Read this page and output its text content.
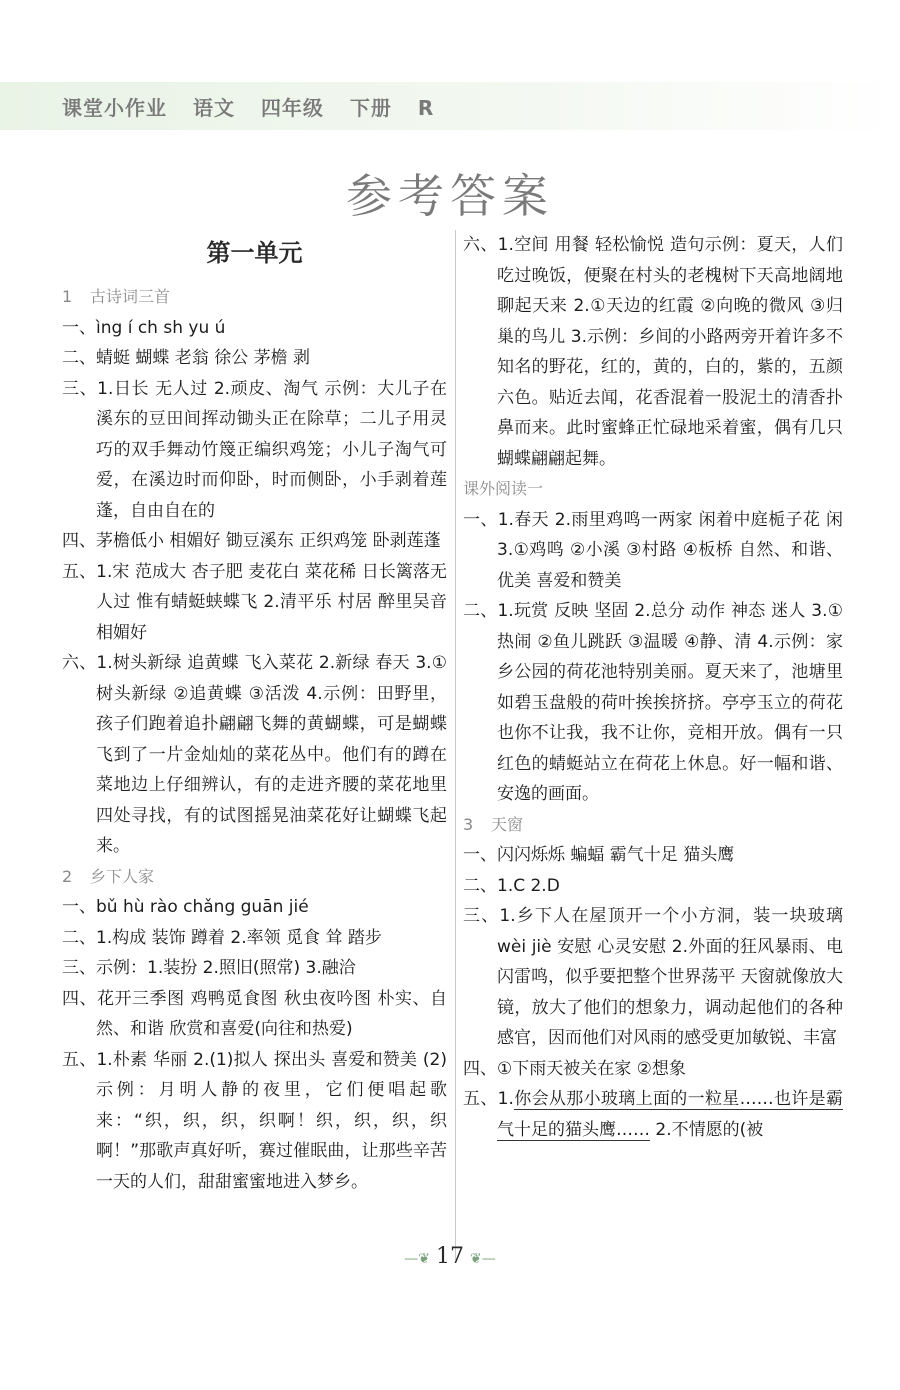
课堂小作业 语文 四年级 下册 R
参考答案
第一单元
1 古诗词三首

一、ìng í ch sh yu ú

二、蜻蜓 蝴蝶 老翁 徐公 茅檐 剥

三、1.日长 无人过 2.顽皮、淘气 示例：大儿子在溪东的豆田间挥动锄头正在除草；二儿子用灵巧的双手舞动竹篾正编织鸡笼；小儿子淘气可爱，在溪边时而仰卧，时而侧卧，小手剥着莲蓬，自由自在的

四、茅檐低小 相媚好 锄豆溪东 正织鸡笼 卧剥莲蓬

五、1.宋 范成大 杏子肥 麦花白 菜花稀 日长篱落无人过 惟有蜻蜓蛱蝶飞 2.清平乐 村居 醉里吴音相媚好

六、1.树头新绿 追黄蝶 飞入菜花 2.新绿 春天 3.①树头新绿 ②追黄蝶 ③活泼 4.示例：田野里，孩子们跑着追扑翩翩飞舞的黄蝴蝶，可是蝴蝶飞到了一片金灿灿的菜花丛中。他们有的蹲在菜地边上仔细辨认，有的走进齐腰的菜花地里四处寻找，有的试图摇晃油菜花好让蝴蝶飞起来。

2 乡下人家

一、bǔ hù rào chǎng guān jié

二、1.构成 装饰 蹲着 2.率领 觅食 耸 踏步

三、示例：1.装扮 2.照旧(照常) 3.融洽

四、花开三季图 鸡鸭觅食图 秋虫夜吟图 朴实、自然、和谐 欣赏和喜爱(向往和热爱)

五、1.朴素 华丽 2.(1)拟人 探出头 喜爱和赞美 (2)示例：月明人静的夜里，它们便唱起歌来：“织，织，织，织啊！织，织，织，织啊！”那歌声真好听，赛过催眠曲，让那些辛苦一天的人们，甜甜蜜蜜地进入梦乡。

六、1.空间 用餐 轻松愉悦 造句示例：夏天，人们吃过晚饭，便聚在村头的老槐树下天高地阔地聊起天来 2.①天边的红霞 ②向晚的微风 ③归巢的鸟儿 3.示例：乡间的小路两旁开着许多不知名的野花，红的，黄的，白的，紫的，五颜六色。贴近去闻，花香混着一股泥土的清香扑鼻而来。此时蜜蜂正忙碌地采着蜜，偶有几只蝴蝶翩翩起舞。

课外阅读一

一、1.春天 2.雨里鸡鸣一两家 闲着中庭栀子花 闲 3.①鸡鸣 ②小溪 ③村路 ④板桥 自然、和谐、优美 喜爱和赞美

二、1.玩赏 反映 坚固 2.总分 动作 神态 迷人 3.①热闹 ②鱼儿跳跃 ③温暖 ④静、清 4.示例：家乡公园的荷花池特别美丽。夏天来了，池塘里如碧玉盘般的荷叶挨挨挤挤。亭亭玉立的荷花也你不让我，我不让你，竞相开放。偶有一只红色的蜻蜓站立在荷花上休息。好一幅和谐、安逸的画面。

3 天窗

一、闪闪烁烁 蝙蝠 霸气十足 猫头鹰

二、1.C 2.D

三、1.乡下人在屋顶开一个小方洞，装一块玻璃 wèi jiè 安慰 心灵安慰 2.外面的狂风暴雨、电闪雷鸣，似乎要把整个世界荡平 天窗就像放大镜，放大了他们的想象力，调动起他们的各种感官，因而他们对风雨的感受更加敏锐、丰富

四、①下雨天被关在家 ②想象

五、1.你会从那小玻璃上面的一粒星……也许是霸气十足的猫头鹰…… 2.不情愿的(被

—❦ 17 ❦—
